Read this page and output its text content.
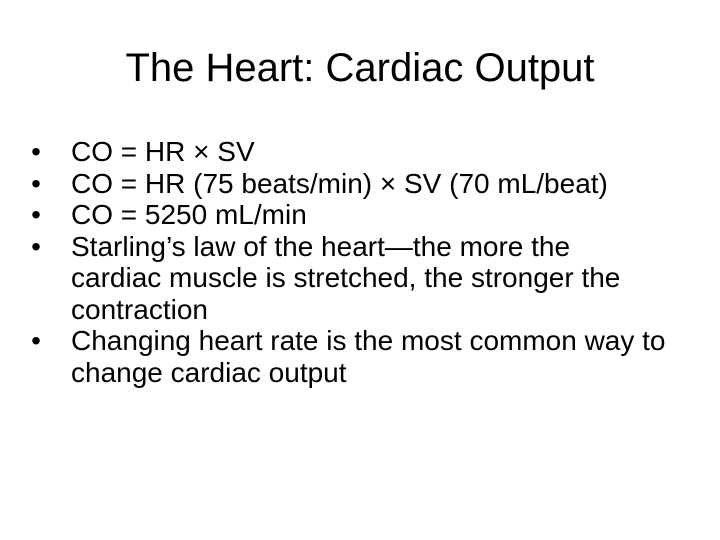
The Heart: Cardiac Output
• CO = HR × SV
• CO = HR (75 beats/min) × SV (70 mL/beat)
• CO = 5250 mL/min
• Starling’s law of the heart—the more the cardiac muscle is stretched, the stronger the contraction
• Changing heart rate is the most common way to change cardiac output
